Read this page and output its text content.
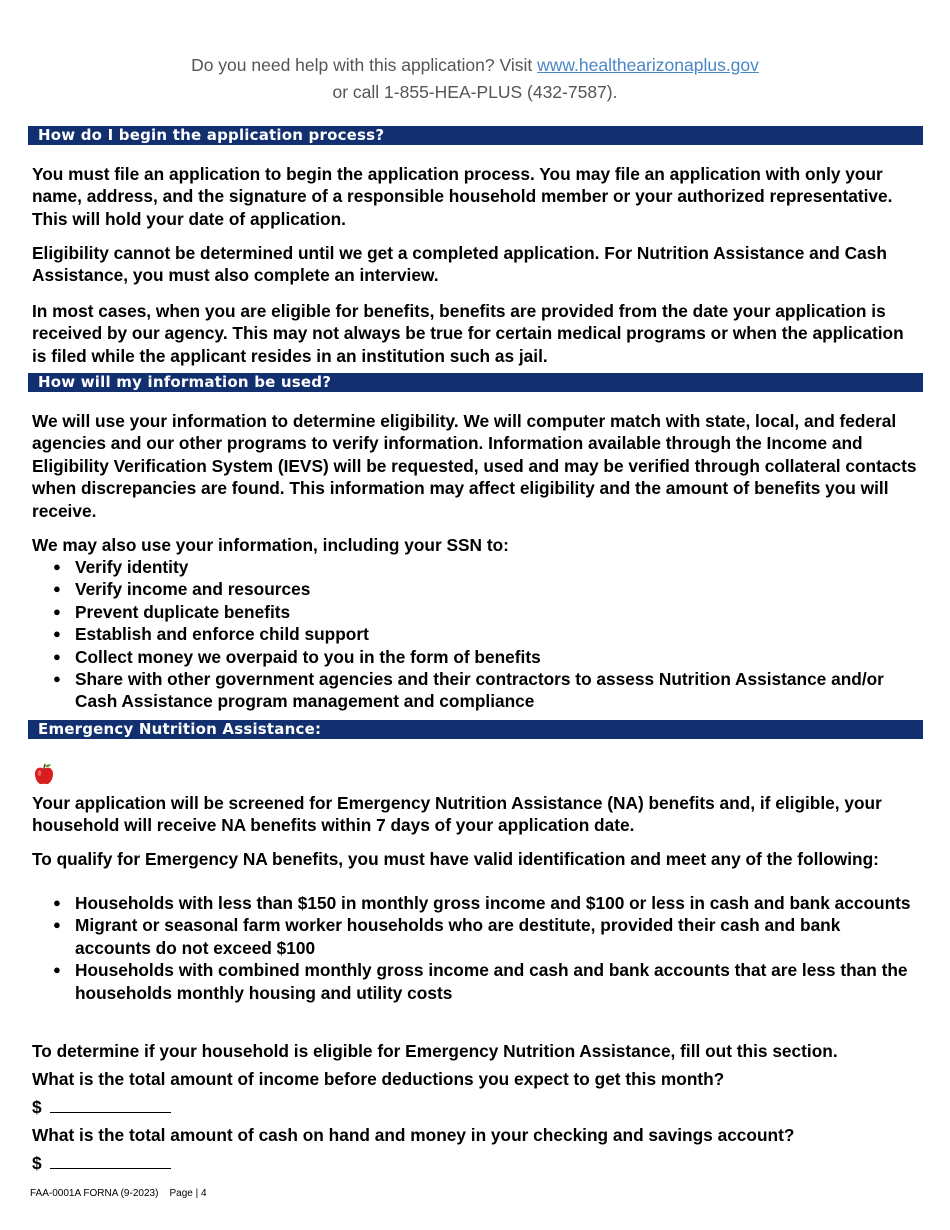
Do you need help with this application? Visit www.healthearizonaplus.gov
or call 1-855-HEA-PLUS (432-7587).
How do I begin the application process?

You must file an application to begin the application process. You may file an application with only your name, address, and the signature of a responsible household member or your authorized representative. This will hold your date of application.

Eligibility cannot be determined until we get a completed application. For Nutrition Assistance and Cash Assistance, you must also complete an interview.

In most cases, when you are eligible for benefits, benefits are provided from the date your application is received by our agency. This may not always be true for certain medical programs or when the application is filed while the applicant resides in an institution such as jail.

How will my information be used?

We will use your information to determine eligibility. We will computer match with state, local, and federal agencies and our other programs to verify information. Information available through the Income and Eligibility Verification System (IEVS) will be requested, used and may be verified through collateral contacts when discrepancies are found. This information may affect eligibility and the amount of benefits you will receive.

We may also use your information, including your SSN to:

● Verify identity
● Verify income and resources
● Prevent duplicate benefits
● Establish and enforce child support
● Collect money we overpaid to you in the form of benefits
● Share with other government agencies and their contractors to assess Nutrition Assistance and/or Cash Assistance program management and compliance
Emergency Nutrition Assistance:

Your application will be screened for Emergency Nutrition Assistance (NA) benefits and, if eligible, your household will receive NA benefits within 7 days of your application date.

To qualify for Emergency NA benefits, you must have valid identification and meet any of the following:

● Households with less than $150 in monthly gross income and $100 or less in cash and bank accounts
● Migrant or seasonal farm worker households who are destitute, provided their cash and bank accounts do not exceed $100
● Households with combined monthly gross income and cash and bank accounts that are less than the households monthly housing and utility costs

To determine if your household is eligible for Emergency Nutrition Assistance, fill out this section.

What is the total amount of income before deductions you expect to get this month?

$

What is the total amount of cash on hand and money in your checking and savings account?

$
FAA-0001A FORNA (9-2023)    Page | 4
